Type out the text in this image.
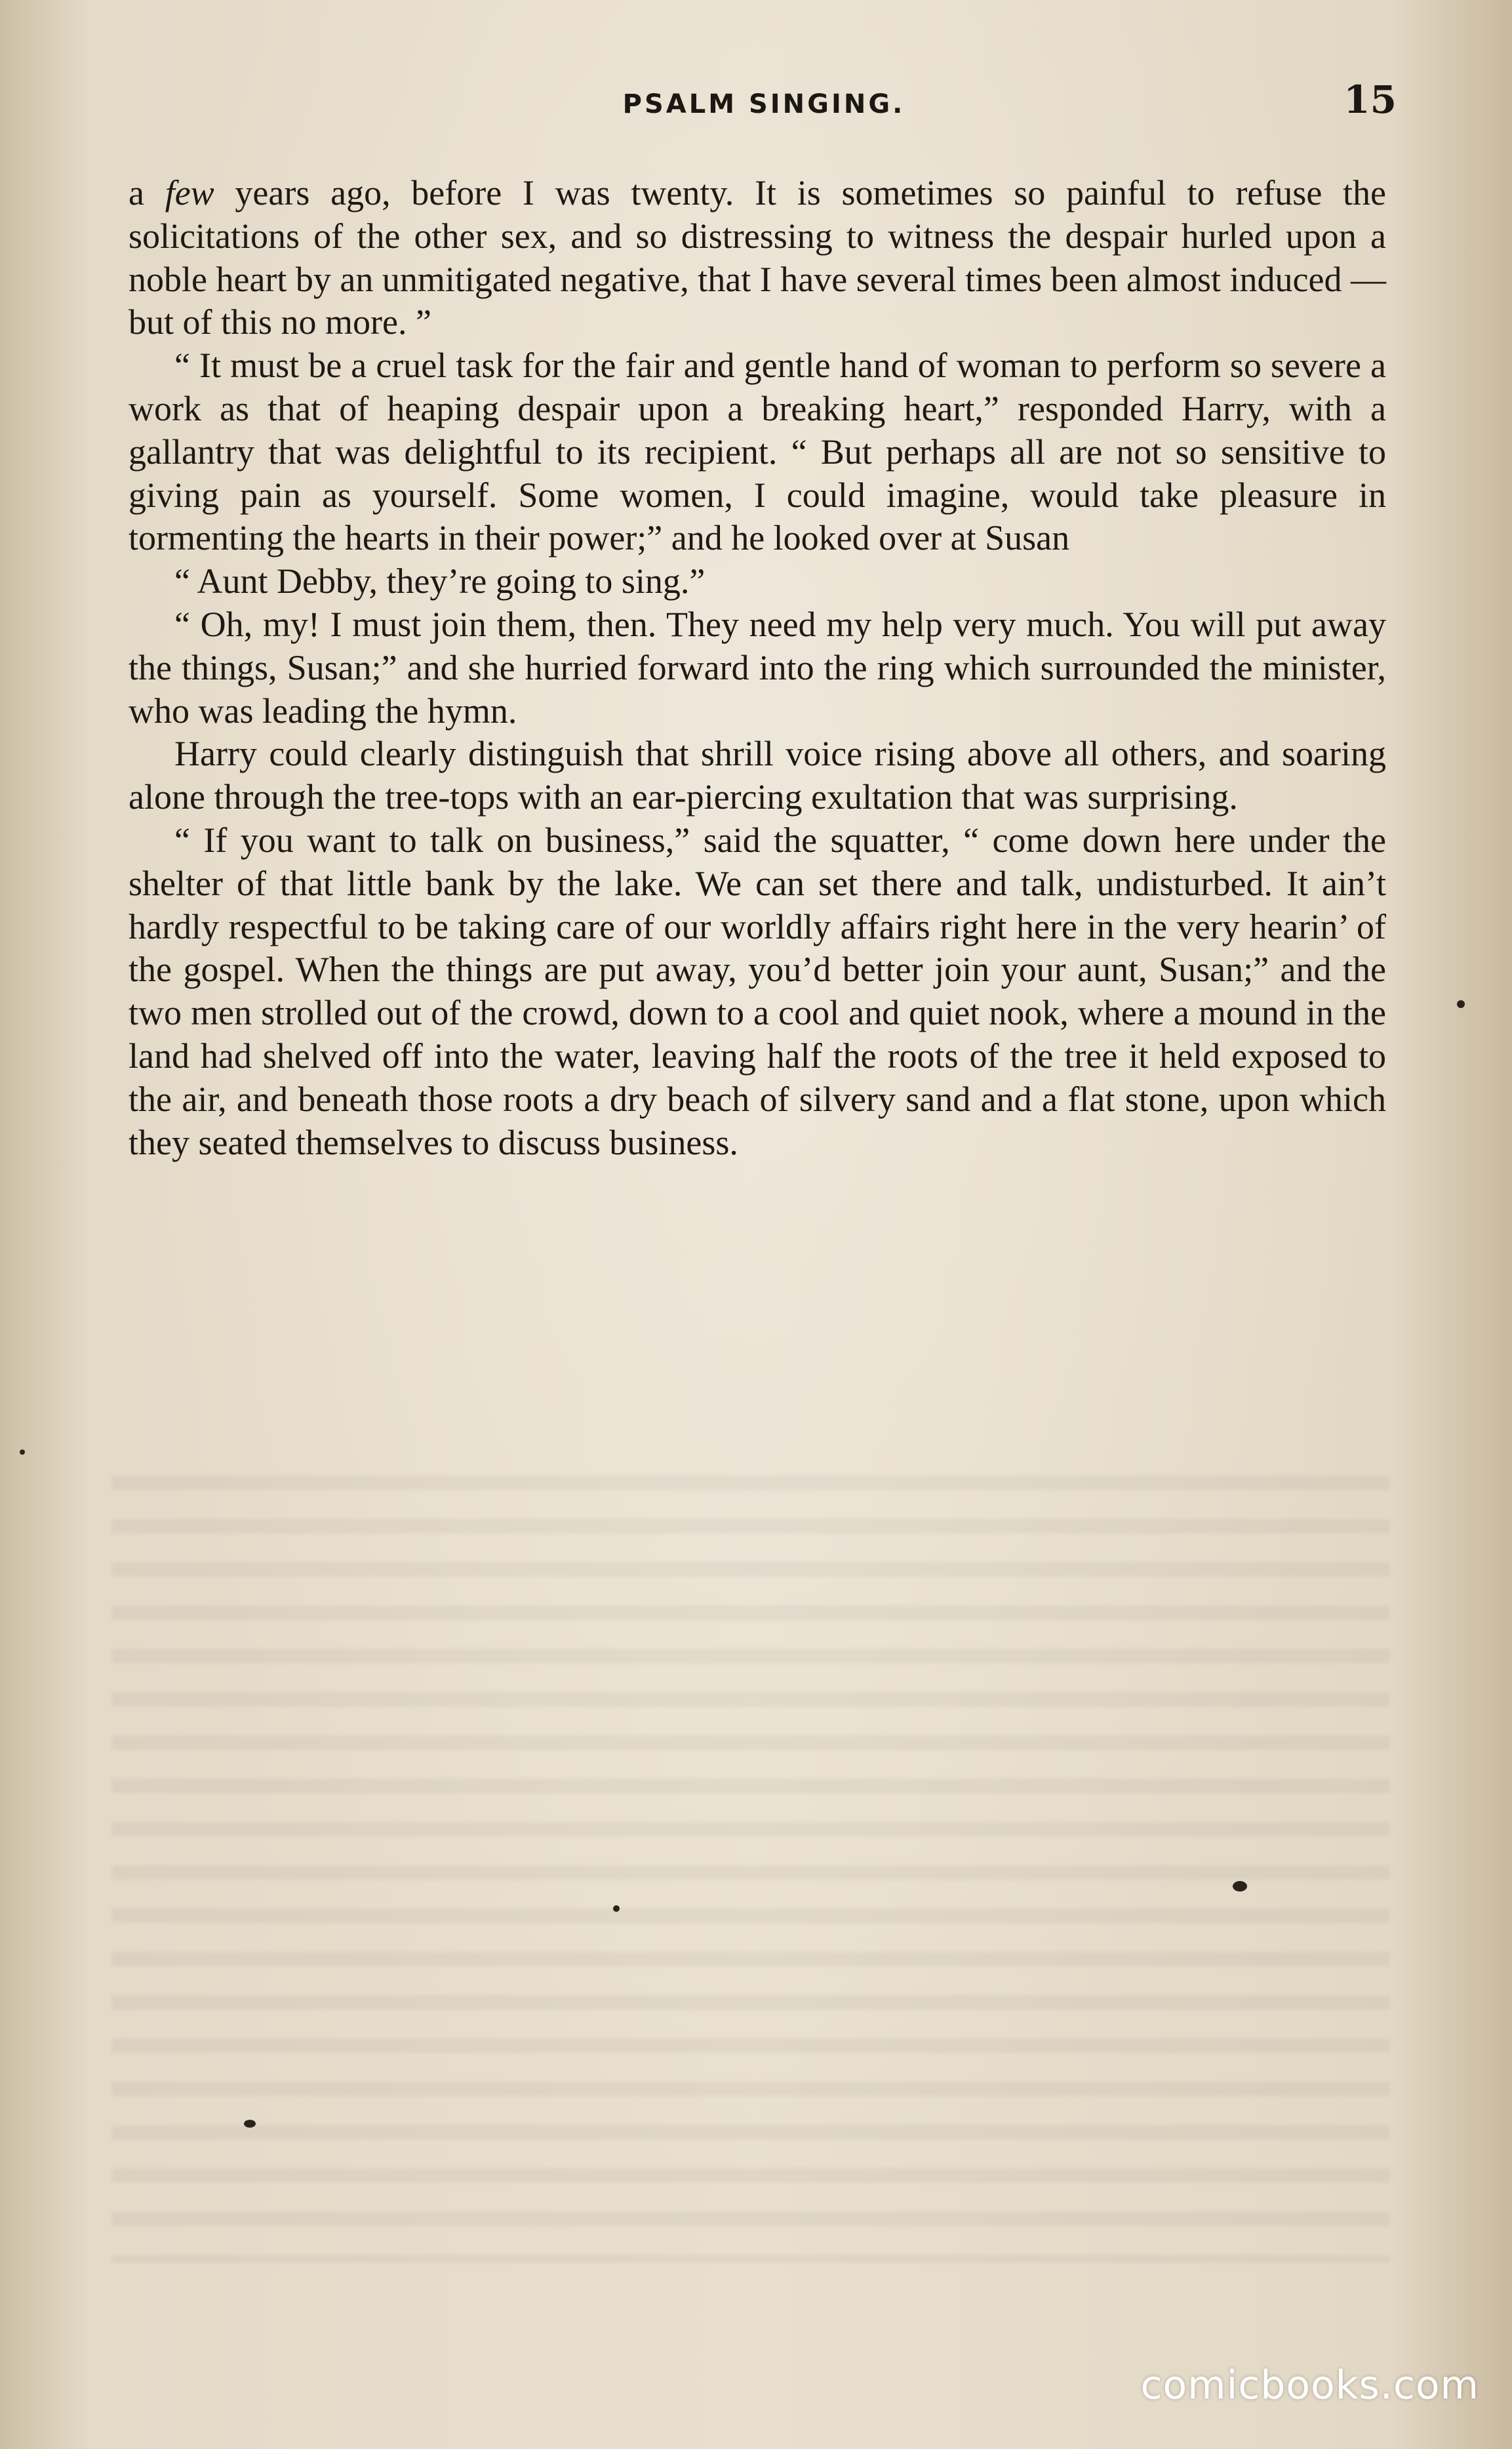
PSALM SINGING.	15

a few years ago, before I was twenty. It is sometimes so painful to refuse the solicitations of the other sex, and so distressing to witness the despair hurled upon a noble heart by an unmitigated negative, that I have several times been almost induced — but of this no more. ”

“ It must be a cruel task for the fair and gentle hand of woman to perform so severe a work as that of heaping despair upon a breaking heart,” responded Harry, with a gallantry that was delightful to its recipient. “ But perhaps all are not so sensitive to giving pain as yourself. Some women, I could imagine, would take pleasure in tormenting the hearts in their power;” and he looked over at Susan

“ Aunt Debby, they’re going to sing.”

“ Oh, my! I must join them, then. They need my help very much. You will put away the things, Susan;” and she hurried forward into the ring which surrounded the minister, who was leading the hymn.

Harry could clearly distinguish that shrill voice rising above all others, and soaring alone through the tree-tops with an ear-piercing exultation that was surprising.

“ If you want to talk on business,” said the squatter, “ come down here under the shelter of that little bank by the lake. We can set there and talk, undisturbed. It ain’t hardly respectful to be taking care of our worldly affairs right here in the very hearin’ of the gospel. When the things are put away, you’d better join your aunt, Susan;” and the two men strolled out of the crowd, down to a cool and quiet nook, where a mound in the land had shelved off into the water, leaving half the roots of the tree it held exposed to the air, and beneath those roots a dry beach of silvery sand and a flat stone, upon which they seated themselves to discuss business.

comicbooks.com
